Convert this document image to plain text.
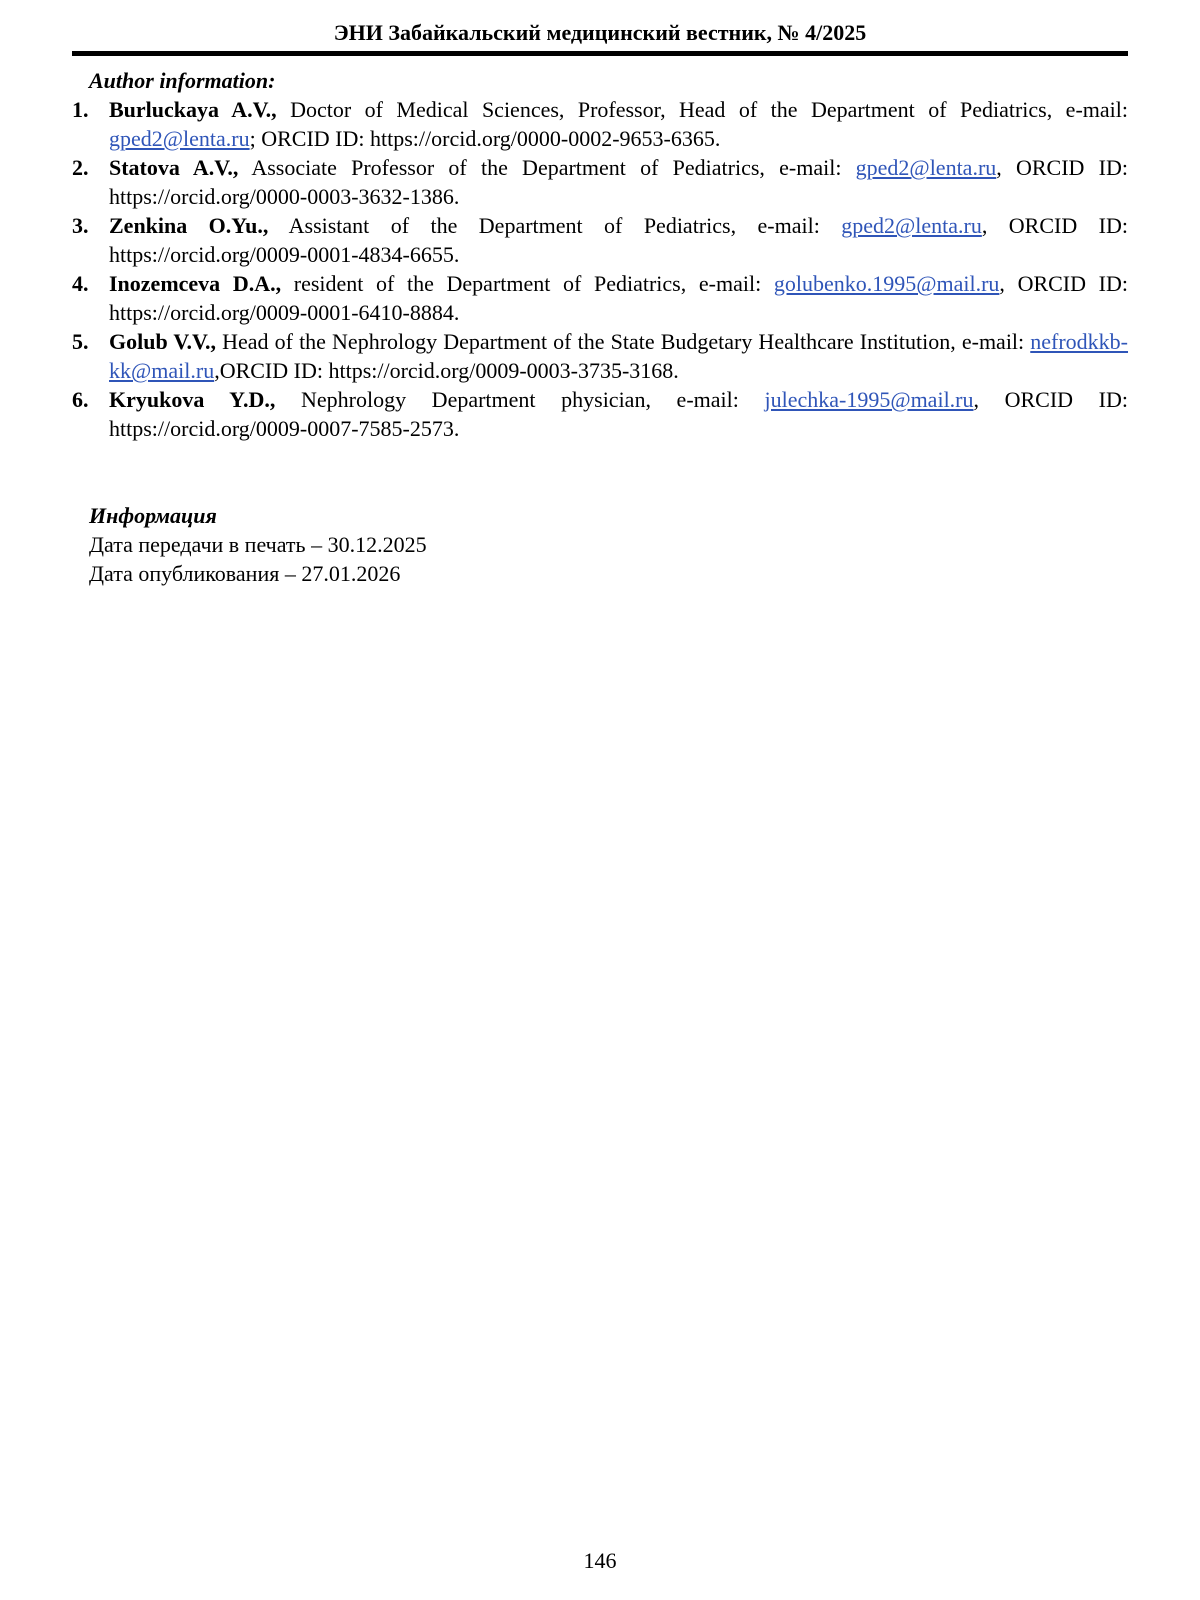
ЭНИ Забайкальский медицинский вестник, № 4/2025
Author information:
1. Burluckaya A.V., Doctor of Medical Sciences, Professor, Head of the Department of Pediatrics, e-mail: gped2@lenta.ru; ORCID ID: https://orcid.org/0000-0002-9653-6365.
2. Statova A.V., Associate Professor of the Department of Pediatrics, e-mail: gped2@lenta.ru, ORCID ID: https://orcid.org/0000-0003-3632-1386.
3. Zenkina O.Yu., Assistant of the Department of Pediatrics, e-mail: gped2@lenta.ru, ORCID ID: https://orcid.org/0009-0001-4834-6655.
4. Inozemceva D.A., resident of the Department of Pediatrics, e-mail: golubenko.1995@mail.ru, ORCID ID: https://orcid.org/0009-0001-6410-8884.
5. Golub V.V., Head of the Nephrology Department of the State Budgetary Healthcare Institution, e-mail: nefrodkkb-kk@mail.ru,ORCID ID: https://orcid.org/0009-0003-3735-3168.
6. Kryukova Y.D., Nephrology Department physician, e-mail: julechka-1995@mail.ru, ORCID ID: https://orcid.org/0009-0007-7585-2573.
Информация
Дата передачи в печать – 30.12.2025
Дата опубликования – 27.01.2026
146
